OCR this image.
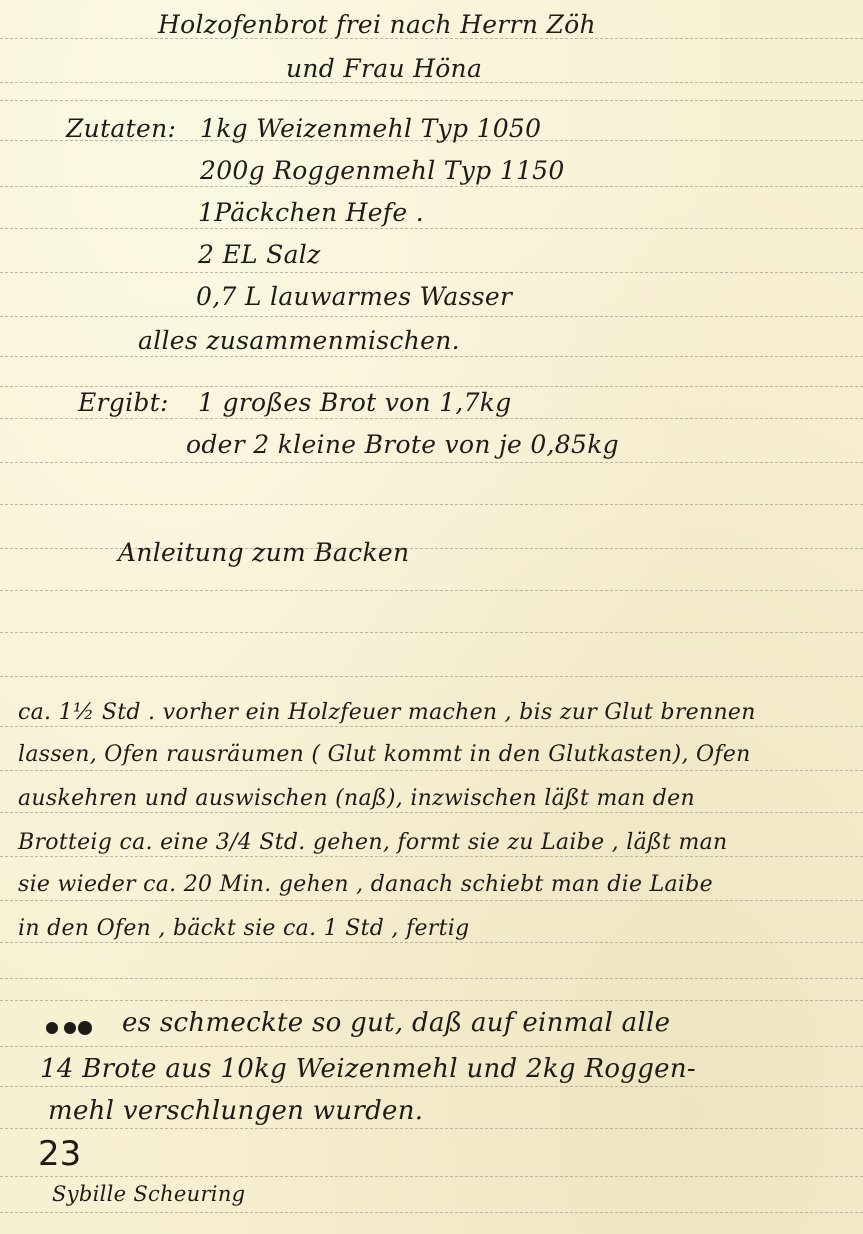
Holzofenbrot frei nach Herrn Zöh
und Frau Höna
Zutaten: 1kg Weizenmehl Typ 1050
200g Roggenmehl Typ 1150
1Päckchen Hefe .
2 EL Salz
0,7 L lauwarmes Wasser
alles zusammenmischen.
Ergibt: 1 großes Brot von 1,7kg
oder 2 kleine Brote von je 0,85kg
Anleitung zum Backen
ca. 1½ Std . vorher ein Holzfeuer machen , bis zur Glut brennen
lassen, Ofen rausräumen ( Glut kommt in den Glutkasten), Ofen
auskehren und auswischen (naß), inzwischen läßt man den
Brotteig ca. eine 3/4 Std. gehen, formt sie zu Laibe , läßt man
sie wieder ca. 20 Min. gehen , danach schiebt man die Laibe
in den Ofen , bäckt sie ca. 1 Std , fertig
es schmeckte so gut, daß auf einmal alle
14 Brote aus 10kg Weizenmehl und 2kg Roggen-
mehl verschlungen wurden.
23
Sybille Scheuring
